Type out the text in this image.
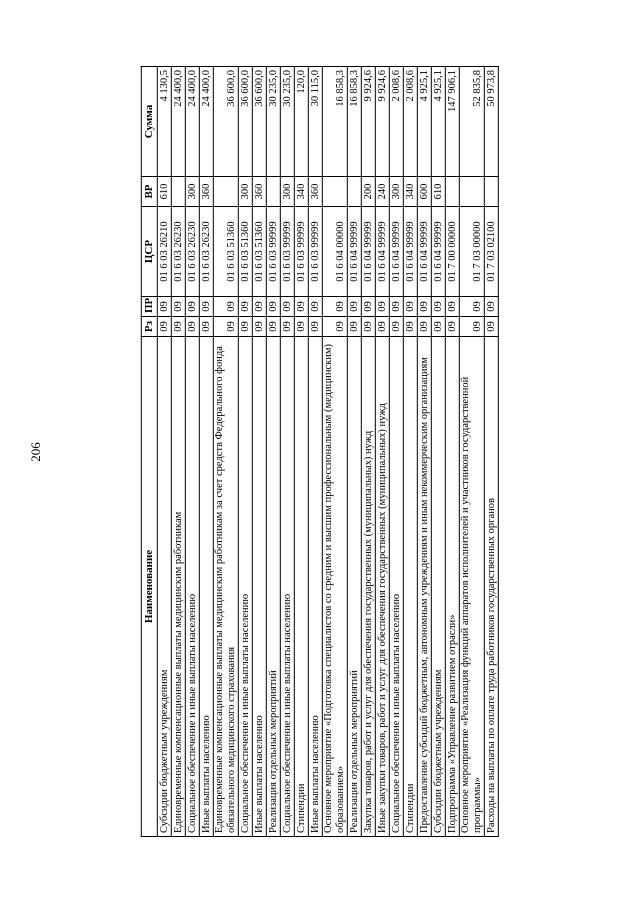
206
Наименование	Рз	ПР	ЦСР	ВР	Сумма
Субсидии бюджетным учреждениям	09	09	01 6 03 26210	610	4 130,5
Единовременные компенсационные выплаты медицинским работникам	09	09	01 6 03 26230		24 400,0
Социальное обеспечение и иные выплаты населению	09	09	01 6 03 26230	300	24 400,0
Иные выплаты населению	09	09	01 6 03 26230	360	24 400,0
Единовременные компенсационные выплаты медицинским работникам за счет средств Федерального фонда обязательного медицинского страхования	09	09	01 6 03 51360		36 600,0
Социальное обеспечение и иные выплаты населению	09	09	01 6 03 51360	300	36 600,0
Иные выплаты населению	09	09	01 6 03 51360	360	36 600,0
Реализация отдельных мероприятий	09	09	01 6 03 99999		30 235,0
Социальное обеспечение и иные выплаты населению	09	09	01 6 03 99999	300	30 235,0
Стипендии	09	09	01 6 03 99999	340	120,0
Иные выплаты населению	09	09	01 6 03 99999	360	30 115,0
Основное мероприятие «Подготовка специалистов со средним и высшим профессиональным (медицинским) образованием»	09	09	01 6 04 00000		16 858,3
Реализация отдельных мероприятий	09	09	01 6 04 99999		16 858,3
Закупка товаров, работ и услуг для обеспечения государственных (муниципальных) нужд	09	09	01 6 04 99999	200	9 924,6
Иные закупки товаров, работ и услуг для обеспечения государственных (муниципальных) нужд	09	09	01 6 04 99999	240	9 924,6
Социальное обеспечение и иные выплаты населению	09	09	01 6 04 99999	300	2 008,6
Стипендии	09	09	01 6 04 99999	340	2 008,6
Предоставление субсидий бюджетным, автономным учреждениям и иным некоммерческим организациям	09	09	01 6 04 99999	600	4 925,1
Субсидии бюджетным учреждениям	09	09	01 6 04 99999	610	4 925,1
Подпрограмма «Управление развитием отрасли»	09	09	01 7 00 00000		147 906,1
Основное мероприятие «Реализация функций аппаратов исполнителей и участников государственной программы»	09	09	01 7 03 00000		52 835,8
Расходы на выплаты по оплате труда работников государственных органов	09	09	01 7 03 02100		50 973,8
